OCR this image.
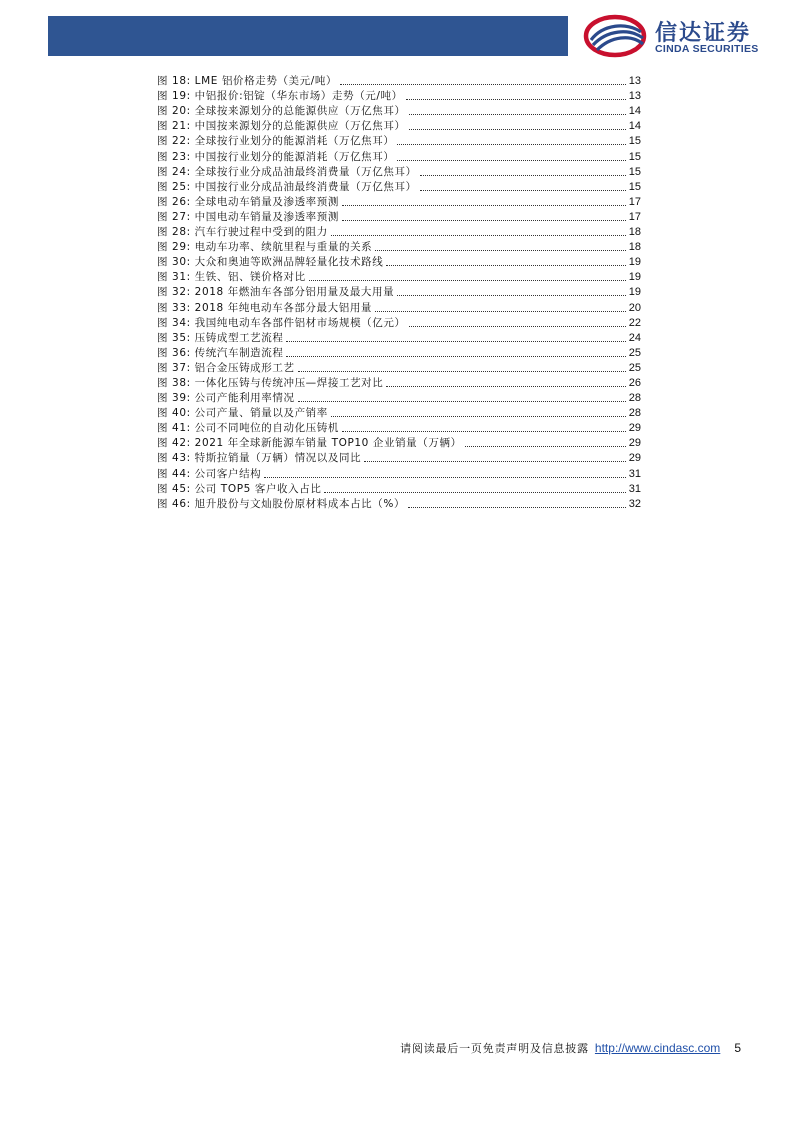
信达证券
CINDA SECURITIES
图 18: LME 铝价格走势（美元/吨）	13
图 19: 中铝报价:铝锭（华东市场）走势（元/吨）	13
图 20: 全球按来源划分的总能源供应（万亿焦耳）	14
图 21: 中国按来源划分的总能源供应（万亿焦耳）	14
图 22: 全球按行业划分的能源消耗（万亿焦耳）	15
图 23: 中国按行业划分的能源消耗（万亿焦耳）	15
图 24: 全球按行业分成品油最终消费量（万亿焦耳）	15
图 25: 中国按行业分成品油最终消费量（万亿焦耳）	15
图 26: 全球电动车销量及渗透率预测	17
图 27: 中国电动车销量及渗透率预测	17
图 28: 汽车行驶过程中受到的阻力	18
图 29: 电动车功率、续航里程与重量的关系	18
图 30: 大众和奥迪等欧洲品牌轻量化技术路线	19
图 31: 生铁、铝、镁价格对比	19
图 32: 2018 年燃油车各部分铝用量及最大用量	19
图 33: 2018 年纯电动车各部分最大铝用量	20
图 34: 我国纯电动车各部件铝材市场规模（亿元）	22
图 35: 压铸成型工艺流程	24
图 36: 传统汽车制造流程	25
图 37: 铝合金压铸成形工艺	25
图 38: 一体化压铸与传统冲压—焊接工艺对比	26
图 39: 公司产能利用率情况	28
图 40: 公司产量、销量以及产销率	28
图 41: 公司不同吨位的自动化压铸机	29
图 42: 2021 年全球新能源车销量 TOP10 企业销量（万辆）	29
图 43: 特斯拉销量（万辆）情况以及同比	29
图 44: 公司客户结构	31
图 45: 公司 TOP5 客户收入占比	31
图 46: 旭升股份与文灿股份原材料成本占比（%）	32
请阅读最后一页免责声明及信息披露 http://www.cindasc.com 5
